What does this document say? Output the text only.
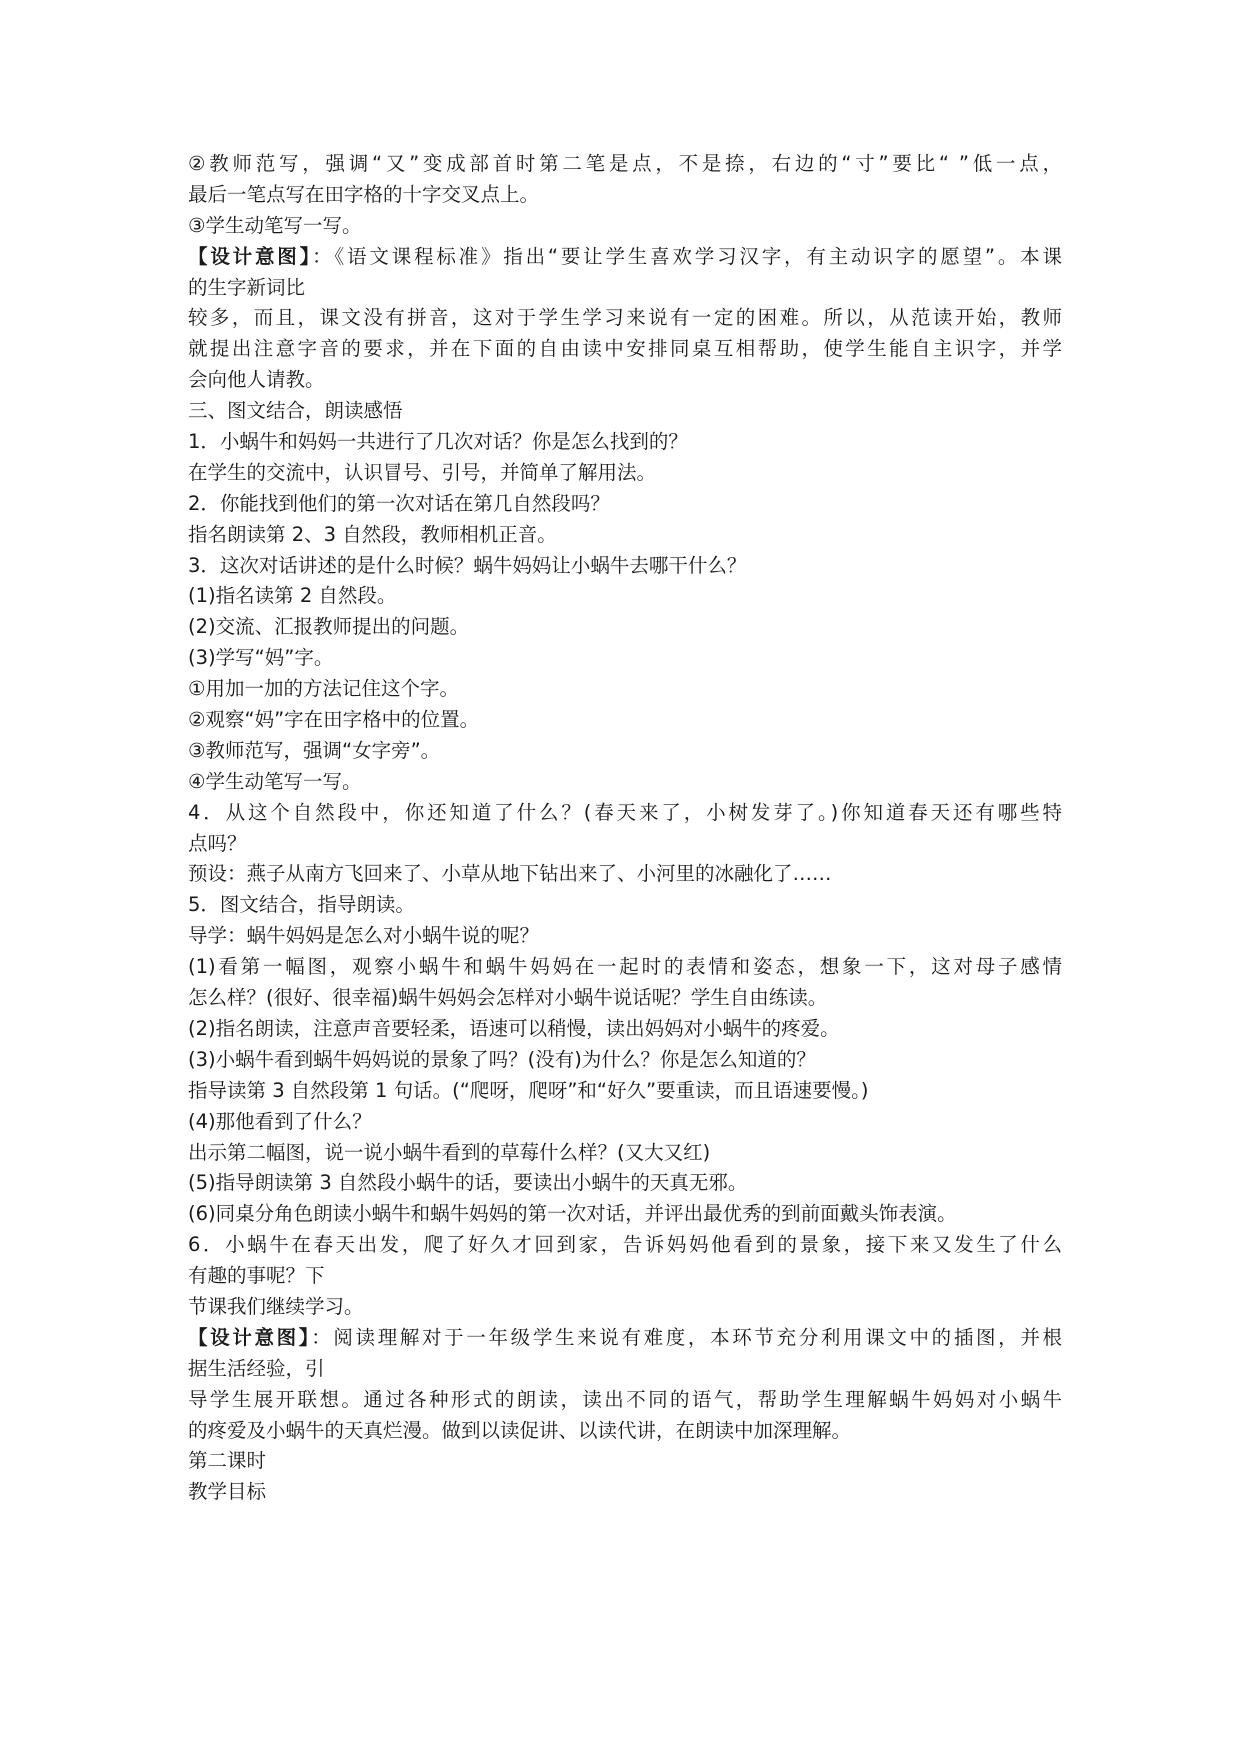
②教师范写，强调“又”变成部首时第二笔是点，不是捺，右边的“寸”要比“ ”低一点，
最后一笔点写在田字格的十字交叉点上。
③学生动笔写一写。
【设计意图】：《语文课程标准》指出“要让学生喜欢学习汉字，有主动识字的愿望”。本课
的生字新词比
较多，而且，课文没有拼音，这对于学生学习来说有一定的困难。所以，从范读开始，教师
就提出注意字音的要求，并在下面的自由读中安排同桌互相帮助，使学生能自主识字，并学
会向他人请教。
三、图文结合，朗读感悟
1．小蜗牛和妈妈一共进行了几次对话？你是怎么找到的？
在学生的交流中，认识冒号、引号，并简单了解用法。
2．你能找到他们的第一次对话在第几自然段吗？
指名朗读第 2、3 自然段，教师相机正音。
3．这次对话讲述的是什么时候？蜗牛妈妈让小蜗牛去哪干什么？
(1)指名读第 2 自然段。
(2)交流、汇报教师提出的问题。
(3)学写“妈”字。
①用加一加的方法记住这个字。
②观察“妈”字在田字格中的位置。
③教师范写，强调“女字旁”。
④学生动笔写一写。
4．从这个自然段中，你还知道了什么？(春天来了，小树发芽了。)你知道春天还有哪些特
点吗？
预设：燕子从南方飞回来了、小草从地下钻出来了、小河里的冰融化了……
5．图文结合，指导朗读。
导学：蜗牛妈妈是怎么对小蜗牛说的呢？
(1)看第一幅图，观察小蜗牛和蜗牛妈妈在一起时的表情和姿态，想象一下，这对母子感情
怎么样？(很好、很幸福)蜗牛妈妈会怎样对小蜗牛说话呢？学生自由练读。
(2)指名朗读，注意声音要轻柔，语速可以稍慢，读出妈妈对小蜗牛的疼爱。
(3)小蜗牛看到蜗牛妈妈说的景象了吗？(没有)为什么？你是怎么知道的？
指导读第 3 自然段第 1 句话。(“爬呀，爬呀”和“好久”要重读，而且语速要慢。)
(4)那他看到了什么？
出示第二幅图，说一说小蜗牛看到的草莓什么样？(又大又红)
(5)指导朗读第 3 自然段小蜗牛的话，要读出小蜗牛的天真无邪。
(6)同桌分角色朗读小蜗牛和蜗牛妈妈的第一次对话，并评出最优秀的到前面戴头饰表演。
6．小蜗牛在春天出发，爬了好久才回到家，告诉妈妈他看到的景象，接下来又发生了什么
有趣的事呢？下
节课我们继续学习。
【设计意图】：阅读理解对于一年级学生来说有难度，本环节充分利用课文中的插图，并根
据生活经验，引
导学生展开联想。通过各种形式的朗读，读出不同的语气，帮助学生理解蜗牛妈妈对小蜗牛
的疼爱及小蜗牛的天真烂漫。做到以读促讲、以读代讲，在朗读中加深理解。
第二课时
教学目标
